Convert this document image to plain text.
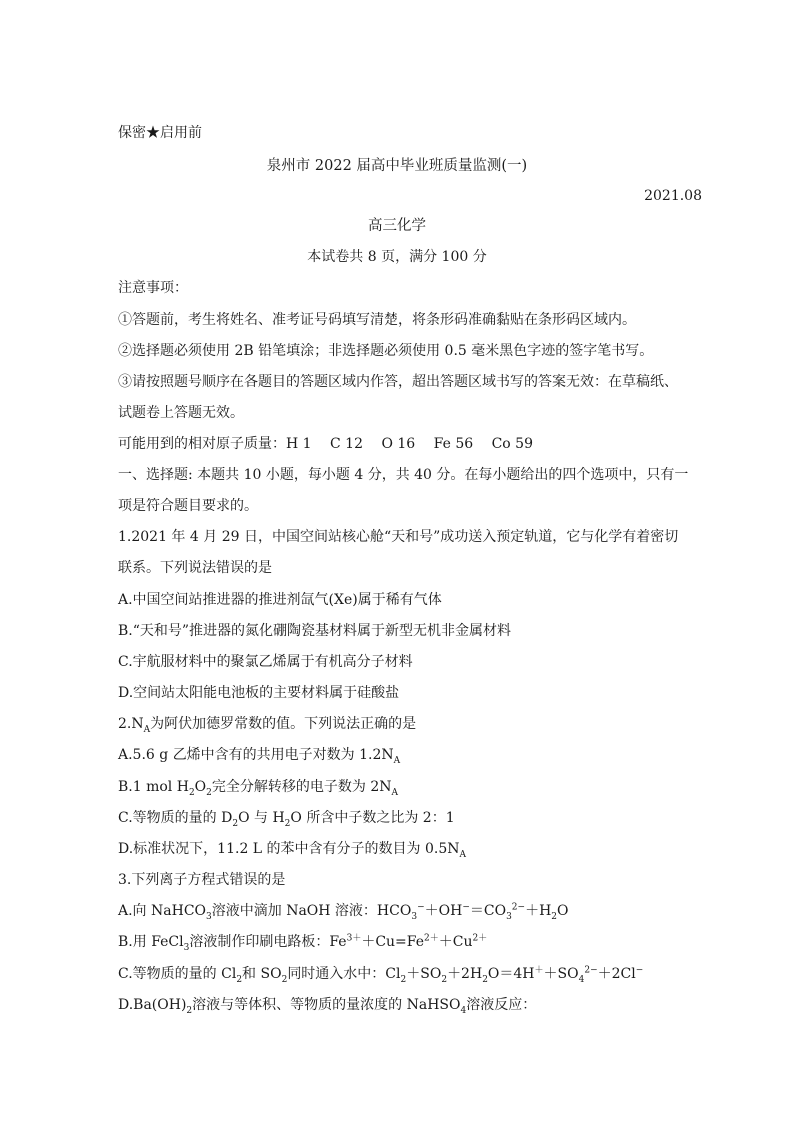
保密★启用前
泉州市 2022 届高中毕业班质量监测(一)
2021.08
高三化学
本试卷共 8 页，满分 100 分
注意事项：
①答题前，考生将姓名、准考证号码填写清楚，将条形码准确黏贴在条形码区域内。
②选择题必须使用 2B 铅笔填涂；非选择题必须使用 0.5 毫米黑色字迹的签字笔书写。
③请按照题号顺序在各题目的答题区域内作答，超出答题区域书写的答案无效：在草稿纸、
试题卷上答题无效。
可能用到的相对原子质量：H 1　 C 12　 O 16　 Fe 56　 Co 59
一、选择题: 本题共 10 小题，每小题 4 分，共 40 分。在每小题给出的四个选项中，只有一
项是符合题目要求的。
1.2021 年 4 月 29 日，中国空间站核心舱“天和号”成功送入预定轨道，它与化学有着密切
联系。下列说法错误的是
A.中国空间站推进器的推进剂氙气(Xe)属于稀有气体
B.“天和号”推进器的氮化硼陶瓷基材料属于新型无机非金属材料
C.宇航服材料中的聚氯乙烯属于有机高分子材料
D.空间站太阳能电池板的主要材料属于硅酸盐
$2.N_A$为阿伏加德罗常数的值。下列说法正确的是
A.5.6 g 乙烯中含有的共用电子对数为 $1.2N_A$
B.1 mol $H_2O_2$完全分解转移的电子数为 $2N_A$
C.等物质的量的 $D_2O$ 与 $H_2O$ 所含中子数之比为 2：1
D.标准状况下，11.2 L 的苯中含有分子的数目为 $0.5N_A$
3.下列离子方程式错误的是
A.向 NaHCO$_3$溶液中滴加 NaOH 溶液：$HCO_3^-+OH^-=CO_3^{2-}+H_2O$
B.用 FeCl$_3$溶液制作印刷电路板：$Fe^{3+}+Cu=Fe^{2+}+Cu^{2+}$
C.等物质的量的 $Cl_2$和 $SO_2$同时通入水中：$Cl_2+SO_2+2H_2O=4H^++SO_4^{2-}+2Cl^-$
$D.Ba(OH)_2$溶液与等体积、等物质的量浓度的 NaHSO$_4$溶液反应：
